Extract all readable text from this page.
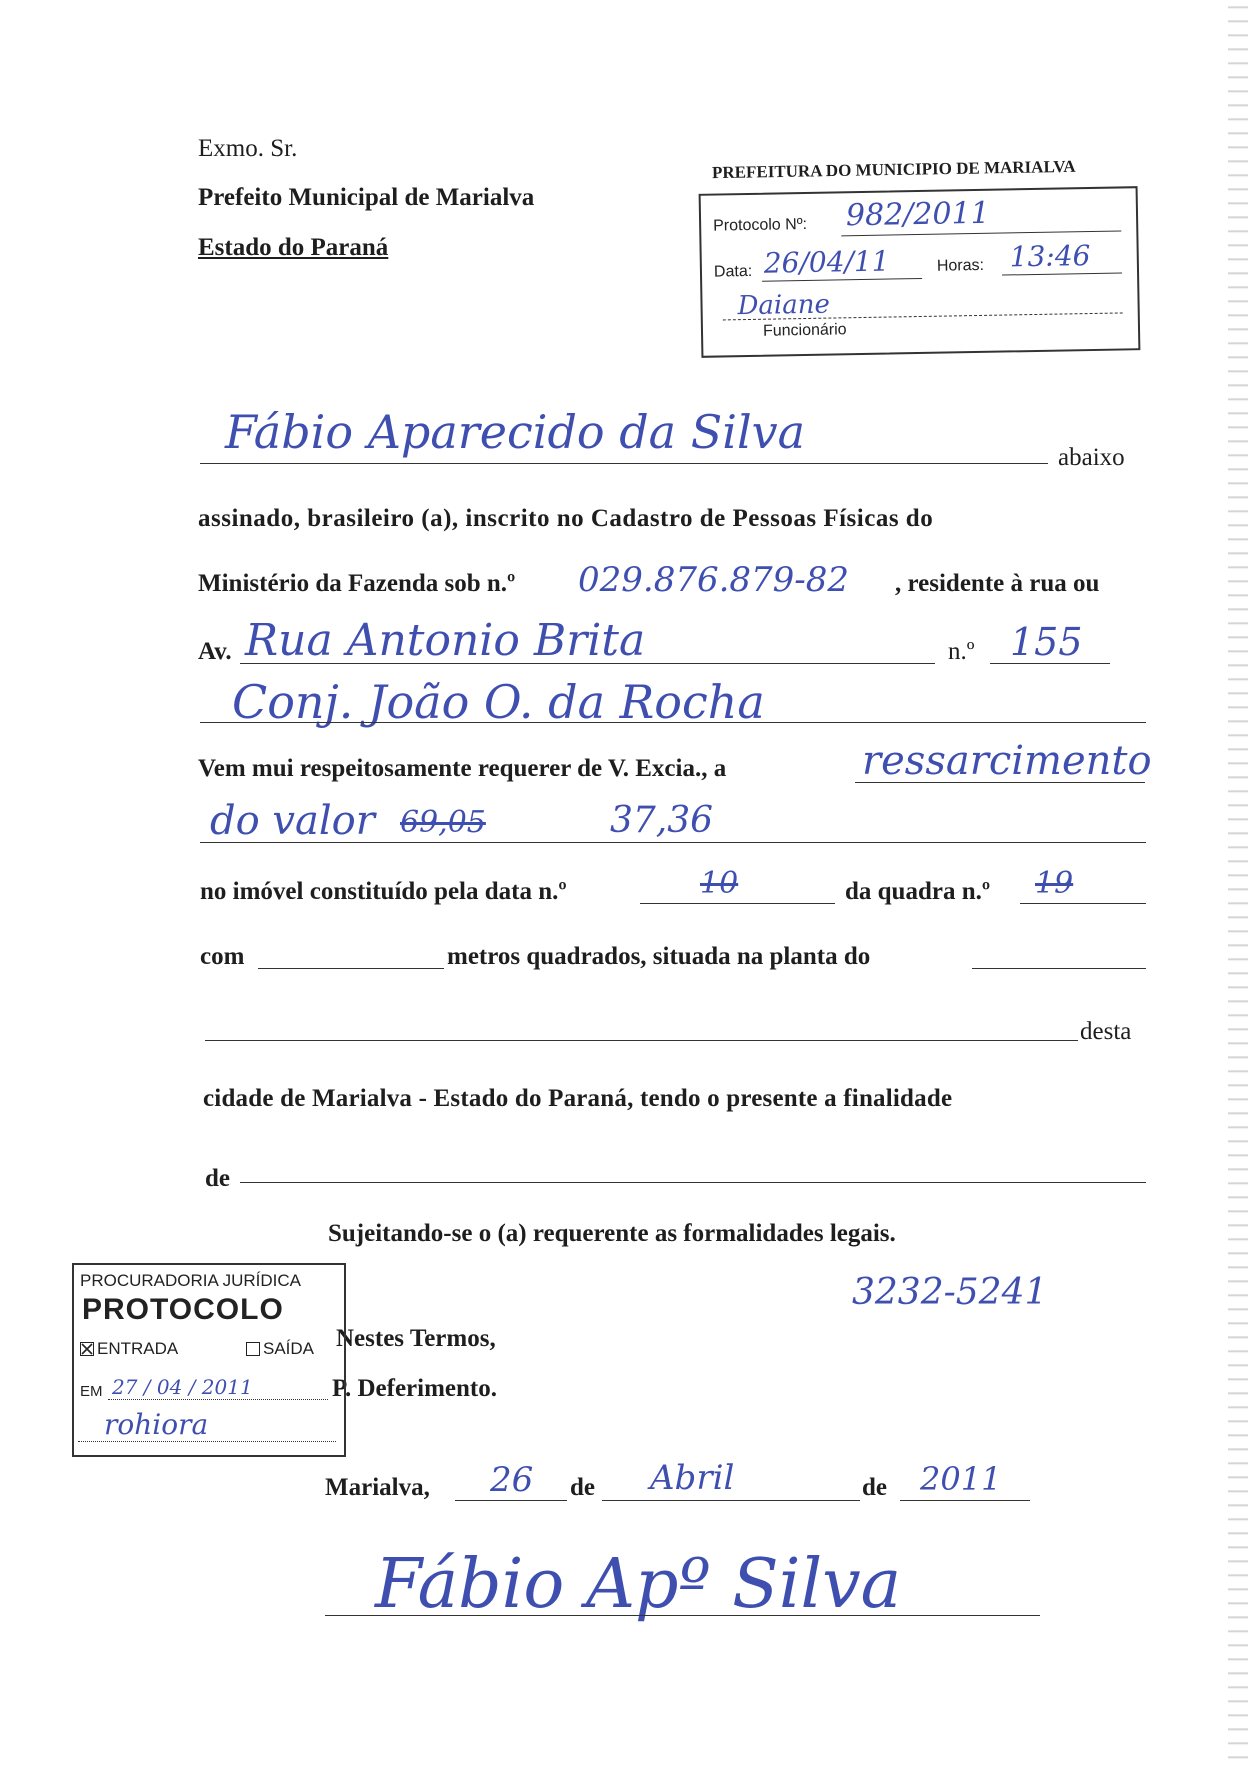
Exmo. Sr.
Prefeito Municipal de Marialva
Estado do Paraná
PREFEITURA DO MUNICIPIO DE MARIALVA
Protocolo Nº: 982/2011
Data: 26/04/11	Horas: 13:46
Daiane
Funcionário
Fábio Aparecido da Silva	abaixo
assinado, brasileiro (a), inscrito no Cadastro de Pessoas Físicas do
Ministério da Fazenda sob n.º 029.876.879-82 , residente à rua ou
Av. Rua Antonio Brita	n.º 155
Conj. João O. da Rocha
Vem mui respeitosamente requerer de V. Excia., a	ressarcimento
do valor 69,05	37,36
no imóvel constituído pela data n.º	10	da quadra n.º 19
com	metros quadrados, situada na planta do
desta
cidade de Marialva - Estado do Paraná, tendo o presente a finalidade
de
Sujeitando-se o (a) requerente as formalidades legais.
3232-5241
Nestes Termos,
P. Deferimento.
Marialva, 26 de Abril	de 2011
Fábio Apº Silva
PROCURADORIA JURÍDICA
PROTOCOLO
ENTRADA	SAÍDA
EM 27 / 04 / 2011
rohiora
